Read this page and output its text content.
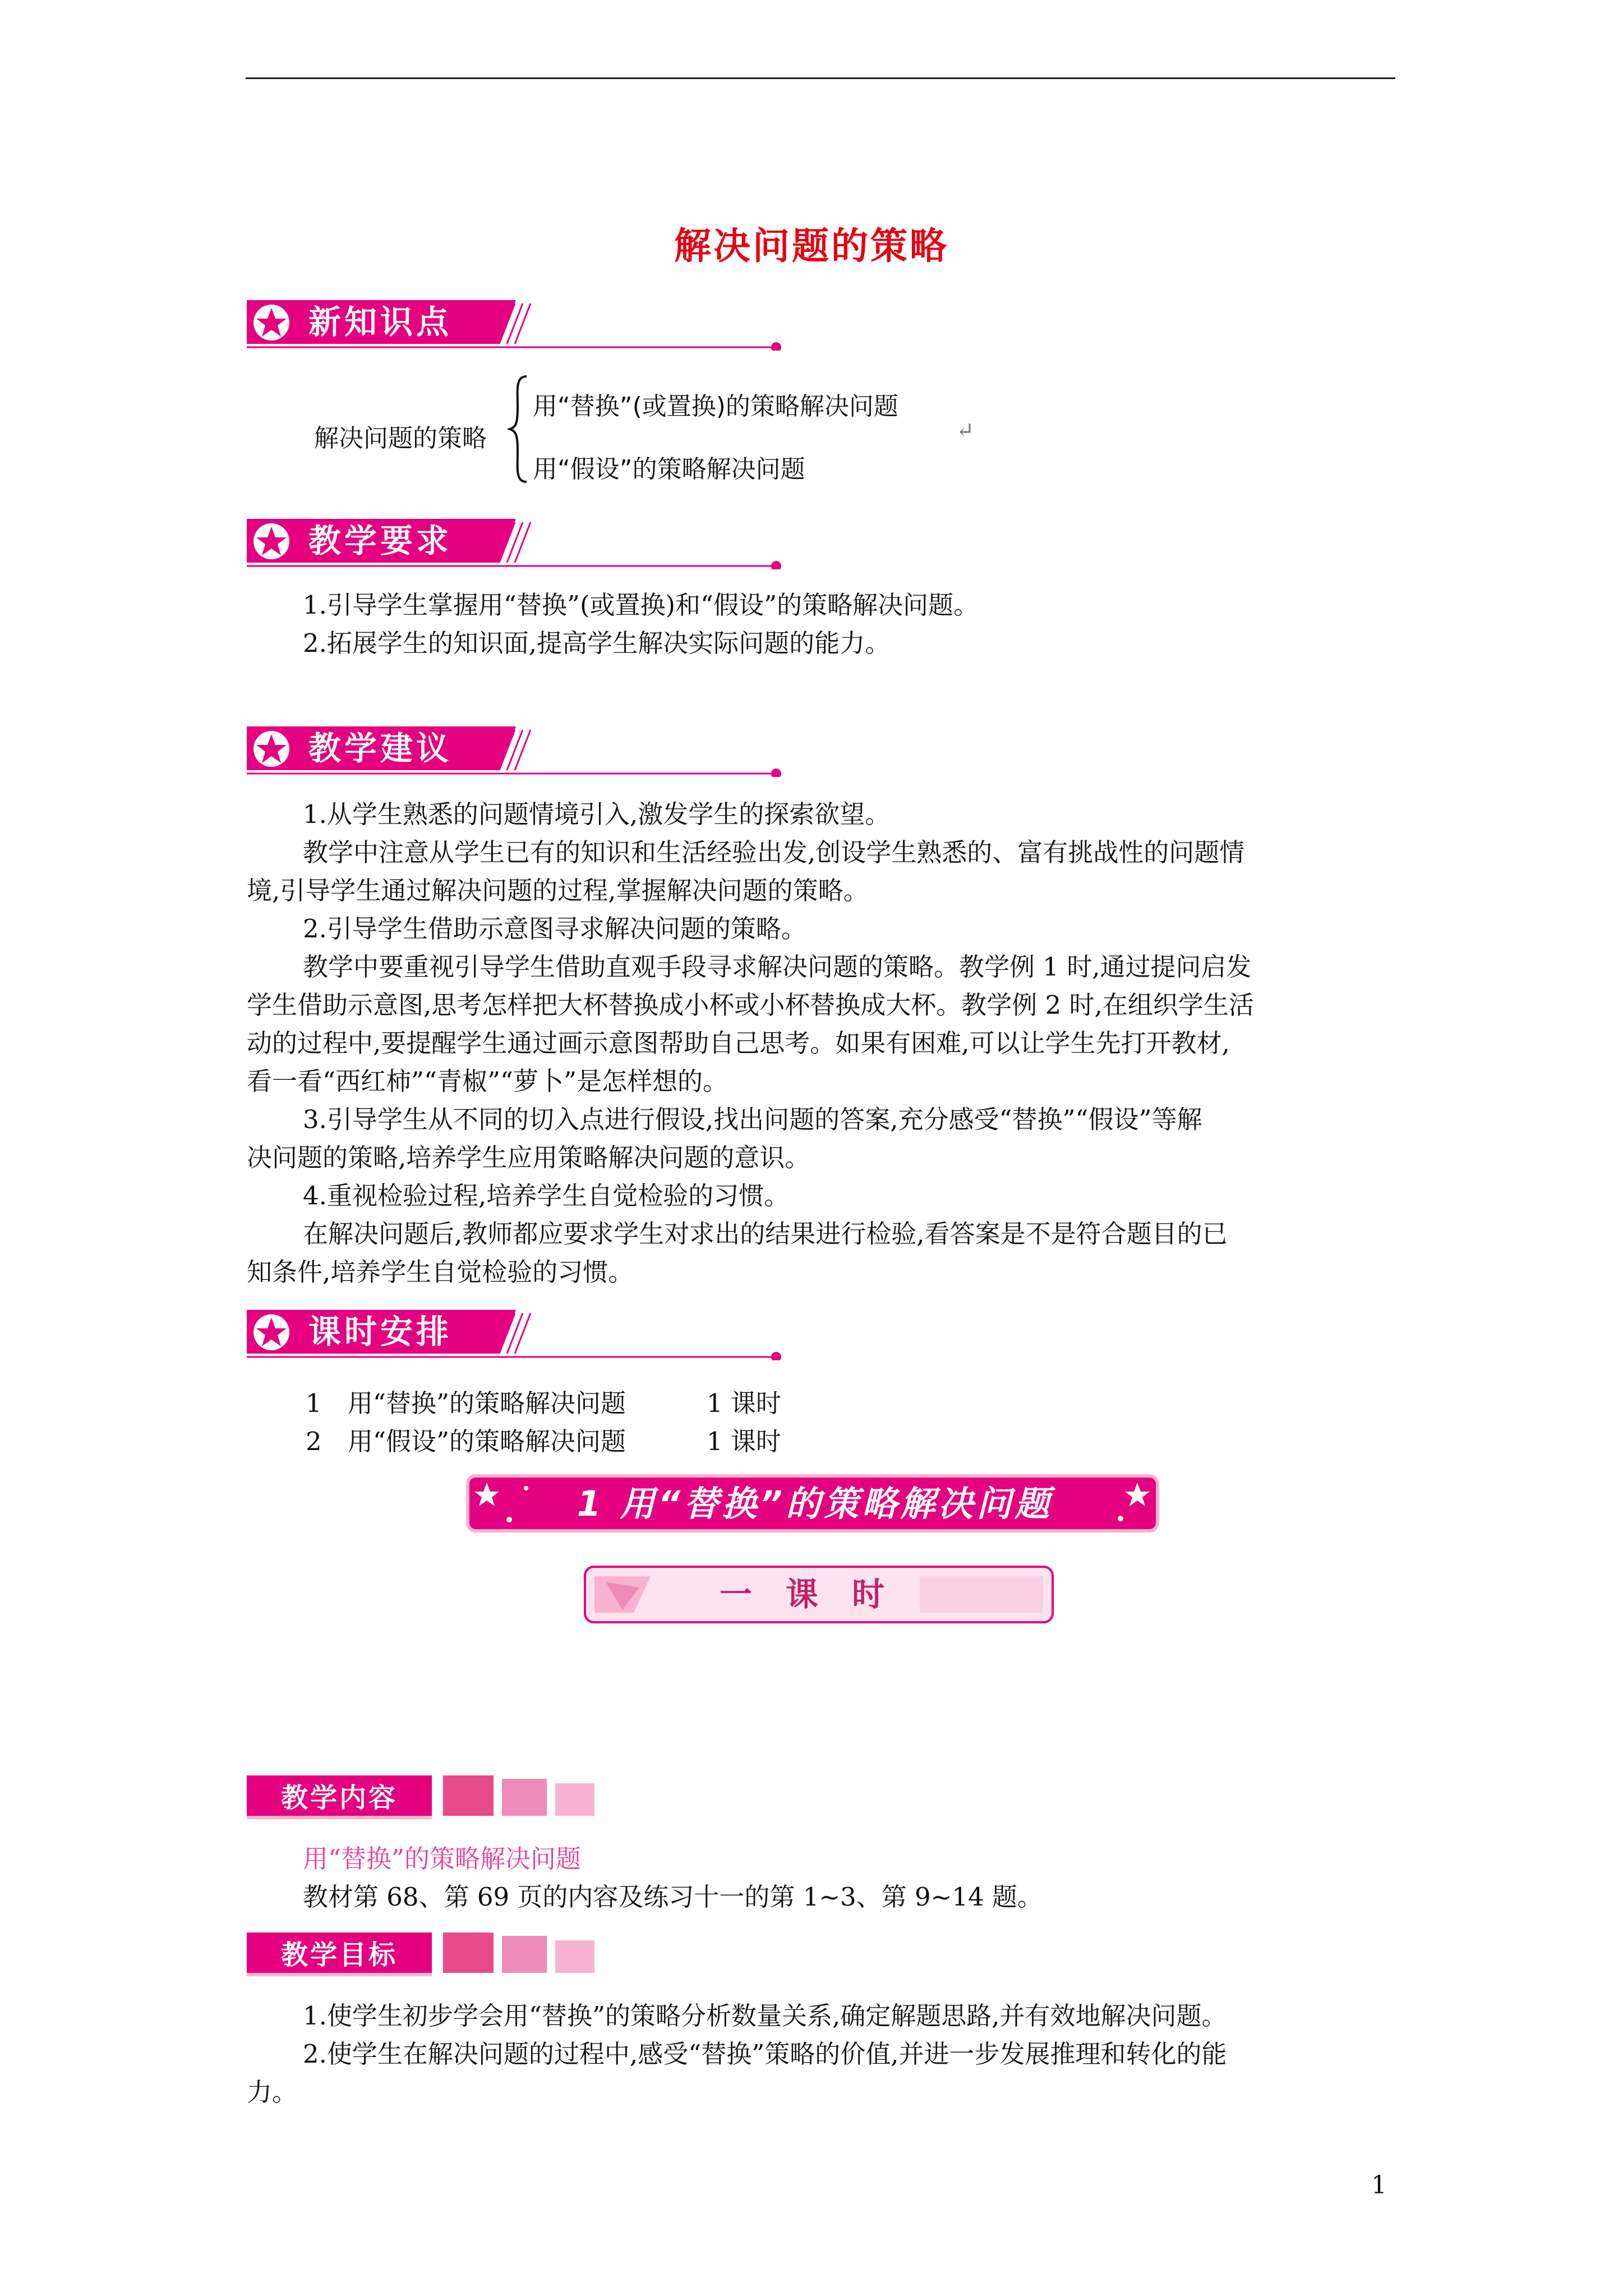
解决问题的策略
新知识点
解决问题的策略
用“替换”(或置换)的策略解决问题
用“假设”的策略解决问题
↵
教学要求

1.引导学生掌握用“替换”(或置换)和“假设”的策略解决问题。

2.拓展学生的知识面,提高学生解决实际问题的能力。

教学建议

1.从学生熟悉的问题情境引入,激发学生的探索欲望。

教学中注意从学生已有的知识和生活经验出发,创设学生熟悉的、富有挑战性的问题情

境,引导学生通过解决问题的过程,掌握解决问题的策略。

2.引导学生借助示意图寻求解决问题的策略。

教学中要重视引导学生借助直观手段寻求解决问题的策略。教学例 1 时,通过提问启发

学生借助示意图,思考怎样把大杯替换成小杯或小杯替换成大杯。教学例 2 时,在组织学生活

动的过程中,要提醒学生通过画示意图帮助自己思考。如果有困难,可以让学生先打开教材,

看一看“西红柿”“青椒”“萝卜”是怎样想的。

3.引导学生从不同的切入点进行假设,找出问题的答案,充分感受“替换”“假设”等解

决问题的策略,培养学生应用策略解决问题的意识。

4.重视检验过程,培养学生自觉检验的习惯。

在解决问题后,教师都应要求学生对求出的结果进行检验,看答案是不是符合题目的已

知条件,培养学生自觉检验的习惯。

课时安排
1 用“替换”的策略解决问题	1 课时
2 用“假设”的策略解决问题	1 课时
1 用“替换”的策略解决问题
一课时
教学内容

用“替换”的策略解决问题

教材第 68、第 69 页的内容及练习十一的第 1~3、第 9~14 题。

教学目标

1.使学生初步学会用“替换”的策略分析数量关系,确定解题思路,并有效地解决问题。

2.使学生在解决问题的过程中,感受“替换”策略的价值,并进一步发展推理和转化的能

力。

1
